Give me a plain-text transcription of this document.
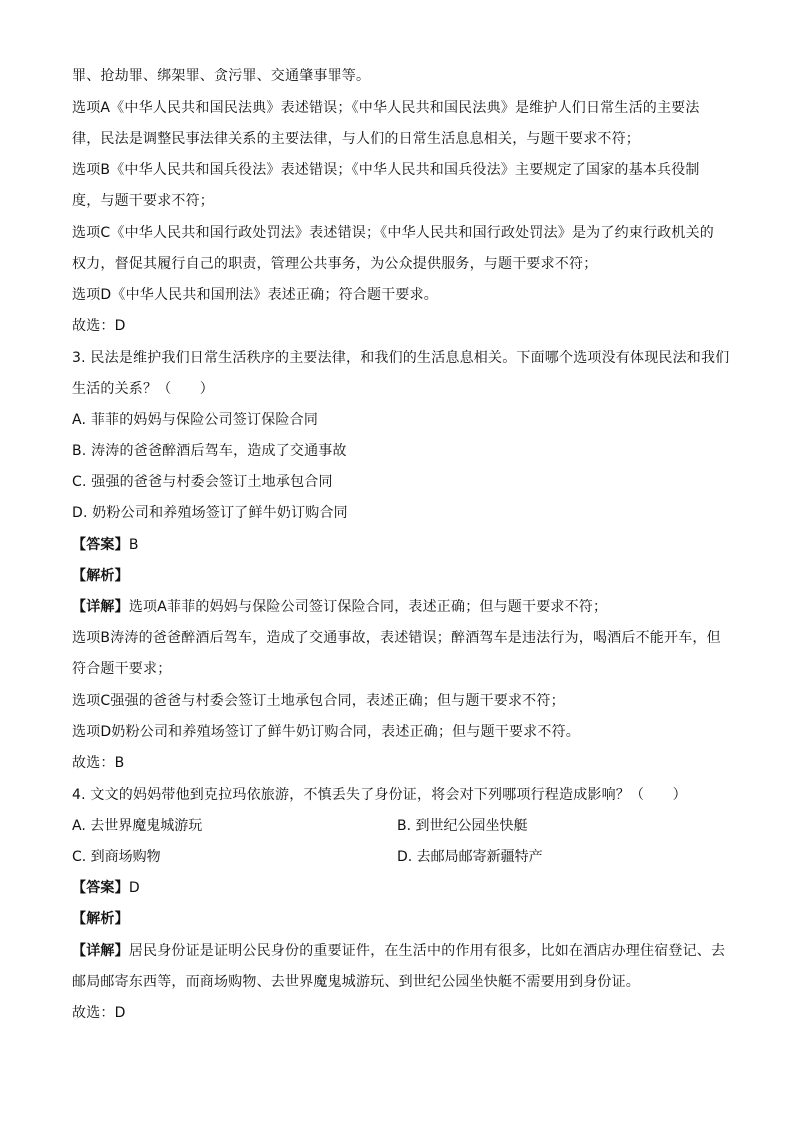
罪、抢劫罪、绑架罪、贪污罪、交通肇事罪等。
选项A《中华人民共和国民法典》表述错误；《中华人民共和国民法典》是维护人们日常生活的主要法
律，民法是调整民事法律关系的主要法律，与人们的日常生活息息相关，与题干要求不符；
选项B《中华人民共和国兵役法》表述错误；《中华人民共和国兵役法》主要规定了国家的基本兵役制
度，与题干要求不符；
选项C《中华人民共和国行政处罚法》表述错误；《中华人民共和国行政处罚法》是为了约束行政机关的
权力，督促其履行自己的职责，管理公共事务，为公众提供服务，与题干要求不符；
选项D《中华人民共和国刑法》表述正确；符合题干要求。
故选：D
3. 民法是维护我们日常生活秩序的主要法律，和我们的生活息息相关。下面哪个选项没有体现民法和我们
生活的关系？（　　）
A. 菲菲的妈妈与保险公司签订保险合同
B. 涛涛的爸爸醉酒后驾车，造成了交通事故
C. 强强的爸爸与村委会签订土地承包合同
D. 奶粉公司和养殖场签订了鲜牛奶订购合同
【答案】B
【解析】
【详解】选项A菲菲的妈妈与保险公司签订保险合同，表述正确；但与题干要求不符；
选项B涛涛的爸爸醉酒后驾车，造成了交通事故，表述错误；醉酒驾车是违法行为，喝酒后不能开车，但
符合题干要求；
选项C强强的爸爸与村委会签订土地承包合同，表述正确；但与题干要求不符；
选项D奶粉公司和养殖场签订了鲜牛奶订购合同，表述正确；但与题干要求不符。
故选：B
4. 文文的妈妈带他到克拉玛依旅游，不慎丢失了身份证，将会对下列哪项行程造成影响？（　　）
A. 去世界魔鬼城游玩	B. 到世纪公园坐快艇
C. 到商场购物	D. 去邮局邮寄新疆特产
【答案】D
【解析】
【详解】居民身份证是证明公民身份的重要证件，在生活中的作用有很多，比如在酒店办理住宿登记、去
邮局邮寄东西等，而商场购物、去世界魔鬼城游玩、到世纪公园坐快艇不需要用到身份证。
故选：D
